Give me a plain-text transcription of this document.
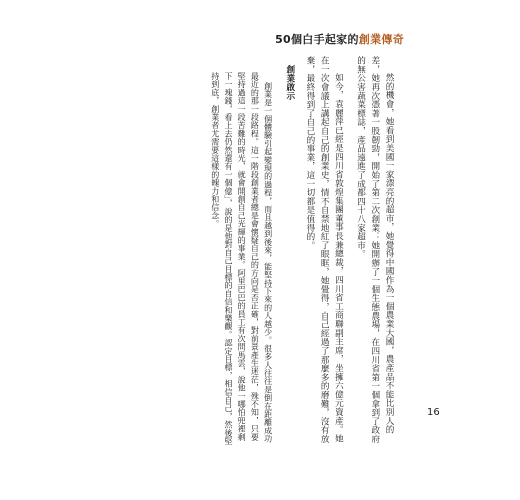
50個白手起家的創業傳奇

然的機會，她看到美國一家漂亮的超市，她覺得中國作為一個農業大國，農產品不能比別人的差，她再次憑著一股韌勁，開始了第二次創業：她開辦了一個生態農場，在四川省第一個拿到了政府的無公害蔬菜標誌，產品遠進了成都四十八家超市。

如今，袁麗萍已經是四川省敦煌集團董事長兼總裁，四川省工商聯副主席，坐擁六億元資產。她在一次會議上講起自己的創業史，情不自禁地紅了眼眶，她覺得，自己經過了那麼多的磨難，沒有放棄，最終得到了自己的事業，這一切都是值得的。

創業啟示

創業是一個體驗引起變現的過程，而且越到後來，能堅持下來的人越少。很多人往往是倒在距離成功最近的那一段路程。這一階段創業者總是會懷疑自己的方向是否正確，對前景產生迷茫，殊不知，只要堅持過這一段苦難的時光，就會開創自己光輝的事業。阿里巴巴的員工有次問馬雲，說他一哪怕兜裡剩下一塊錢，看上去仍然還有一個億」，說的是他對自己目標的自信和樂觀。認定目標，相信自己，然後堅持到底，創業者尤需要這樣的魄力和信念。

16
